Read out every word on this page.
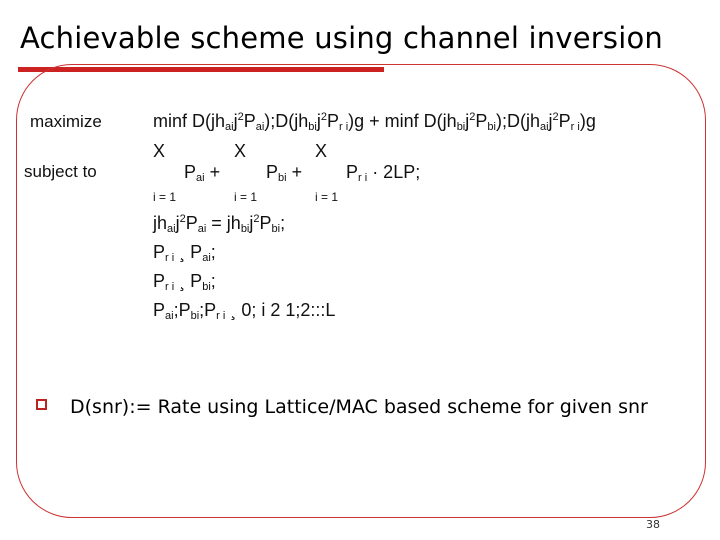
Achievable scheme using channel inversion
maximize
subject to
minf $D(jh_{ai}j^2P_{ai});D(jh_{bi}j^2P_{r i})g + \min f$ $D(jh_{bi}j^2P_{bi});D(jh_{ai}j^2P_{r i})g$
X	X	X
$P_{ai}$ +	$P_{bi} + P_{r i} \cdot 2LP$;
i = 1	i = 1	i = 1
$jh_{ai}j^2P_{ai} = jh_{bi}j^2P_{bi}$;
$P_{r i}$ ¸ $P_{ai}$;
$P_{r i}$ ¸ $P_{bi}$;
$P_{ai};P_{bi};P_{r i}$ ¸ 0; i 2 1;2:::L
D(snr):= Rate using Lattice/MAC based scheme for given snr
38
